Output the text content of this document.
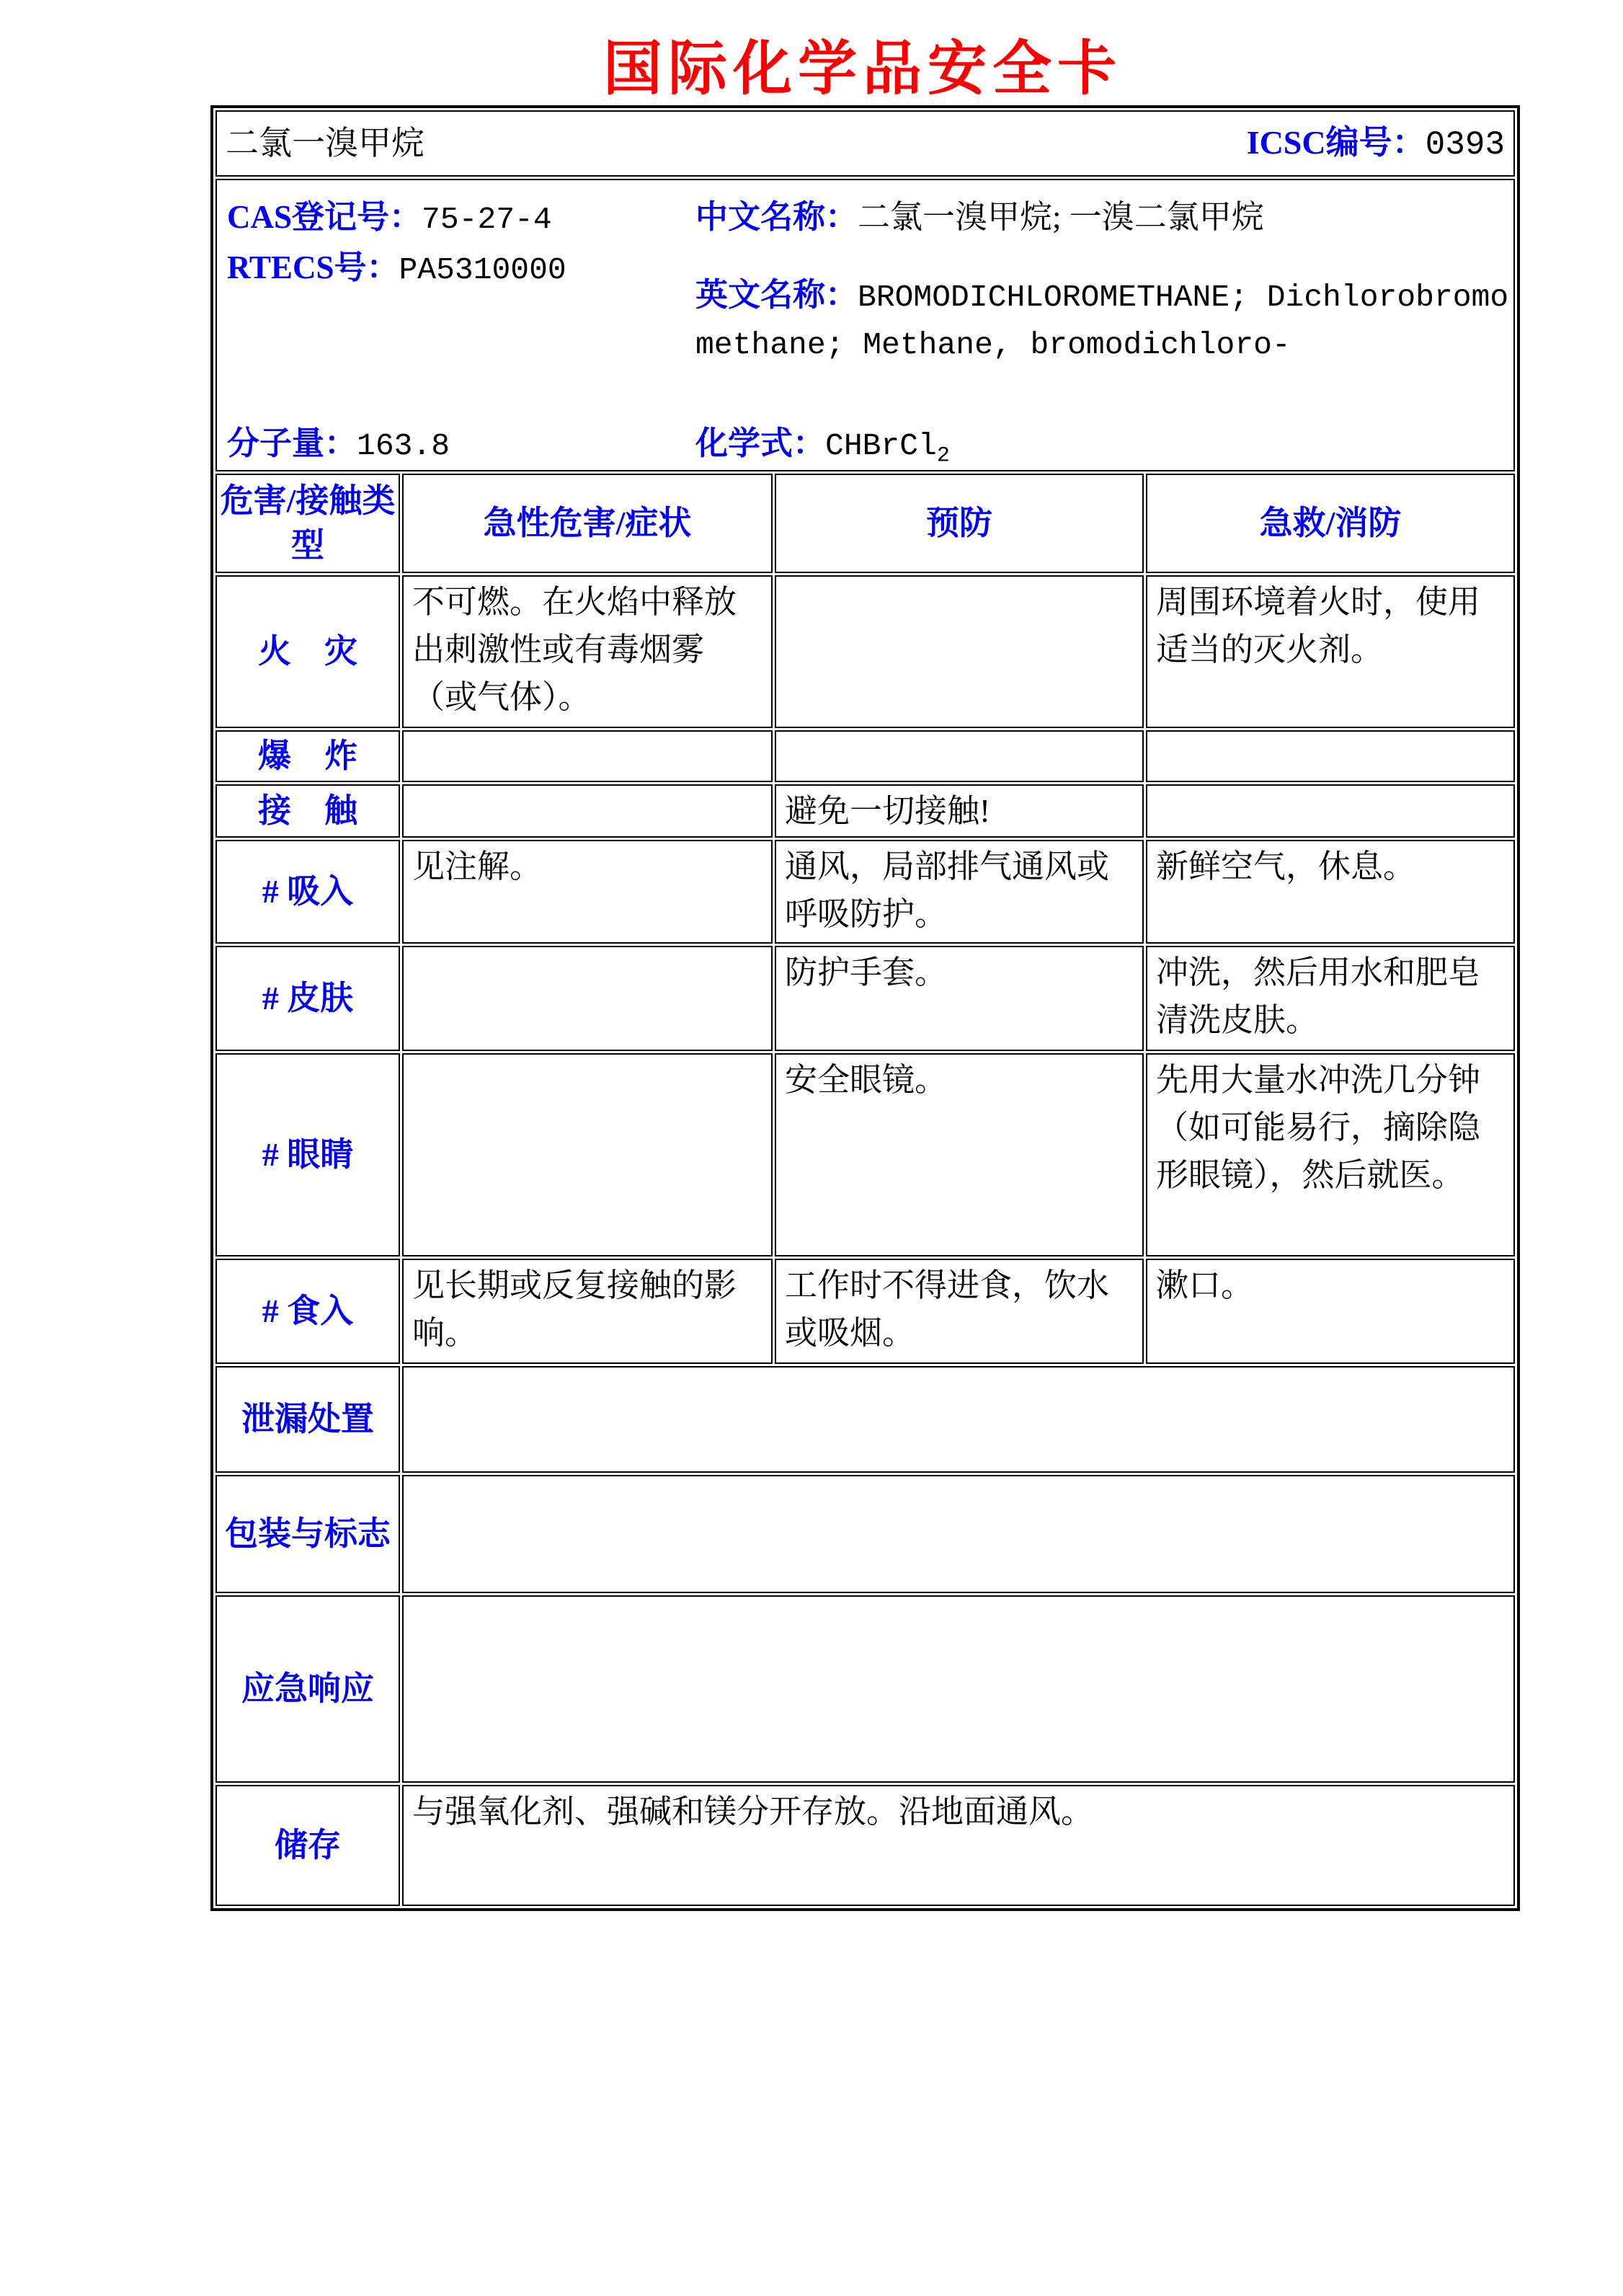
国际化学品安全卡
二氯一溴甲烷 ICSC编号：0393			

CAS登记号：75-27-4
RTECS号：PA5310000
中文名称：二氯一溴甲烷; 一溴二氯甲烷
英文名称：BROMODICHLOROMETHANE; Dichlorobromomethane; Methane, bromodichloro-
分子量：163.8	化学式：CHBrCl$_2$

危害/接触类型	急性危害/症状	预防	急救/消防
火　灾	不可燃。在火焰中释放出刺激性或有毒烟雾（或气体）。		周围环境着火时，使用适当的灭火剂。
爆　炸			
接　触		避免一切接触!	
# 吸入	见注解。	通风，局部排气通风或呼吸防护。	新鲜空气，休息。
# 皮肤		防护手套。	冲洗，然后用水和肥皂清洗皮肤。
# 眼睛		安全眼镜。	先用大量水冲洗几分钟（如可能易行，摘除隐形眼镜），然后就医。
# 食入	见长期或反复接触的影响。	工作时不得进食，饮水或吸烟。	漱口。
泄漏处置			
包装与标志			
应急响应			
储存	与强氧化剂、强碱和镁分开存放。沿地面通风。		
